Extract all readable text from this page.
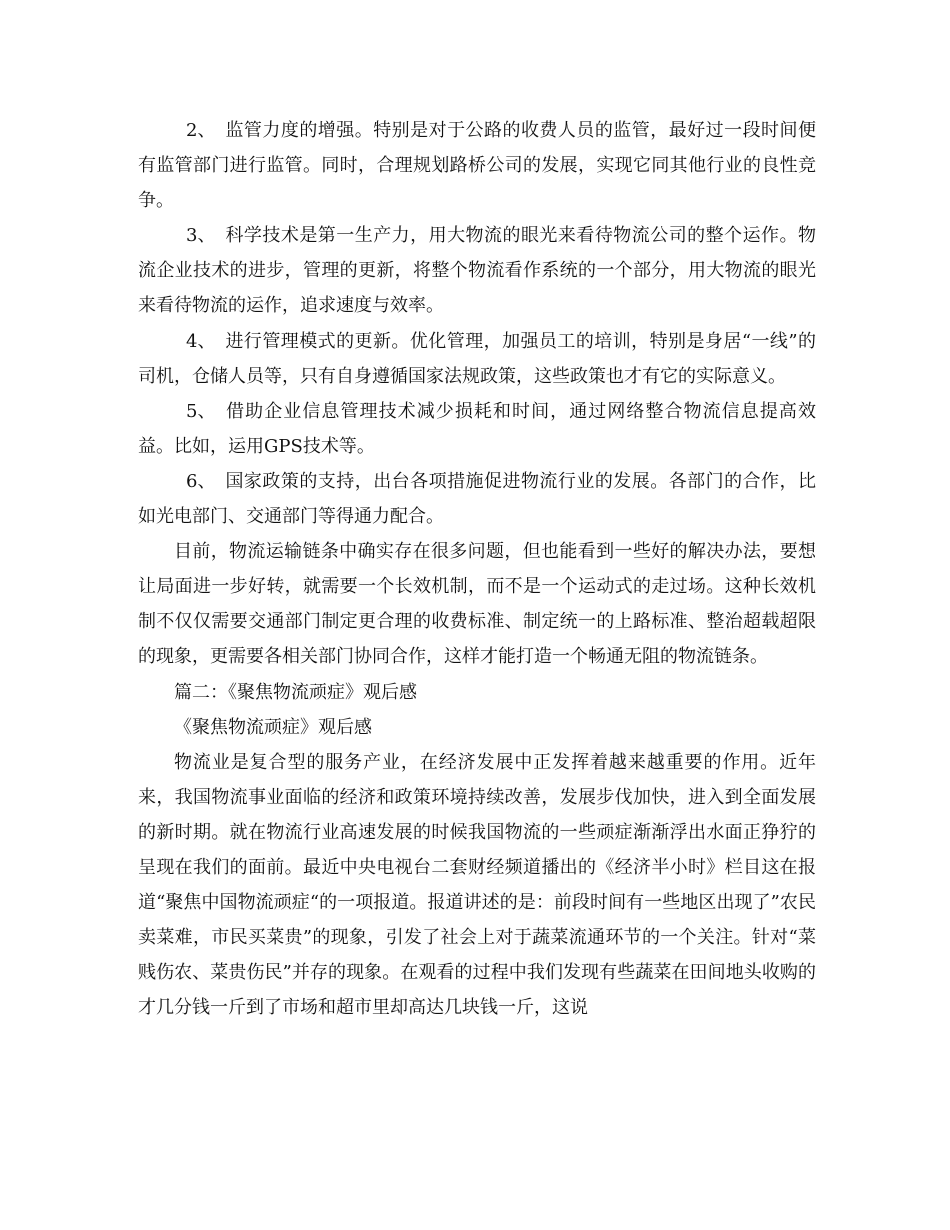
2、 监管力度的增强。特别是对于公路的收费人员的监管，最好过一段时间便有监管部门进行监管。同时，合理规划路桥公司的发展，实现它同其他行业的良性竞争。

3、 科学技术是第一生产力，用大物流的眼光来看待物流公司的整个运作。物流企业技术的进步，管理的更新，将整个物流看作系统的一个部分，用大物流的眼光来看待物流的运作，追求速度与效率。

4、 进行管理模式的更新。优化管理，加强员工的培训，特别是身居“一线”的司机，仓储人员等，只有自身遵循国家法规政策，这些政策也才有它的实际意义。

5、 借助企业信息管理技术减少损耗和时间，通过网络整合物流信息提高效益。比如，运用GPS技术等。

6、 国家政策的支持，出台各项措施促进物流行业的发展。各部门的合作，比如光电部门、交通部门等得通力配合。

目前，物流运输链条中确实存在很多问题，但也能看到一些好的解决办法，要想让局面进一步好转，就需要一个长效机制，而不是一个运动式的走过场。这种长效机制不仅仅需要交通部门制定更合理的收费标准、制定统一的上路标准、整治超载超限的现象，更需要各相关部门协同合作，这样才能打造一个畅通无阻的物流链条。

篇二：《聚焦物流顽症》观后感

《聚焦物流顽症》观后感

物流业是复合型的服务产业，在经济发展中正发挥着越来越重要的作用。近年来，我国物流事业面临的经济和政策环境持续改善，发展步伐加快，进入到全面发展的新时期。就在物流行业高速发展的时候我国物流的一些顽症渐渐浮出水面正狰狞的呈现在我们的面前。最近中央电视台二套财经频道播出的《经济半小时》栏目这在报道“聚焦中国物流顽症“的一项报道。报道讲述的是：前段时间有一些地区出现了”农民卖菜难，市民买菜贵”的现象，引发了社会上对于蔬菜流通环节的一个关注。针对“菜贱伤农、菜贵伤民”并存的现象。在观看的过程中我们发现有些蔬菜在田间地头收购的才几分钱一斤到了市场和超市里却高达几块钱一斤，这说
